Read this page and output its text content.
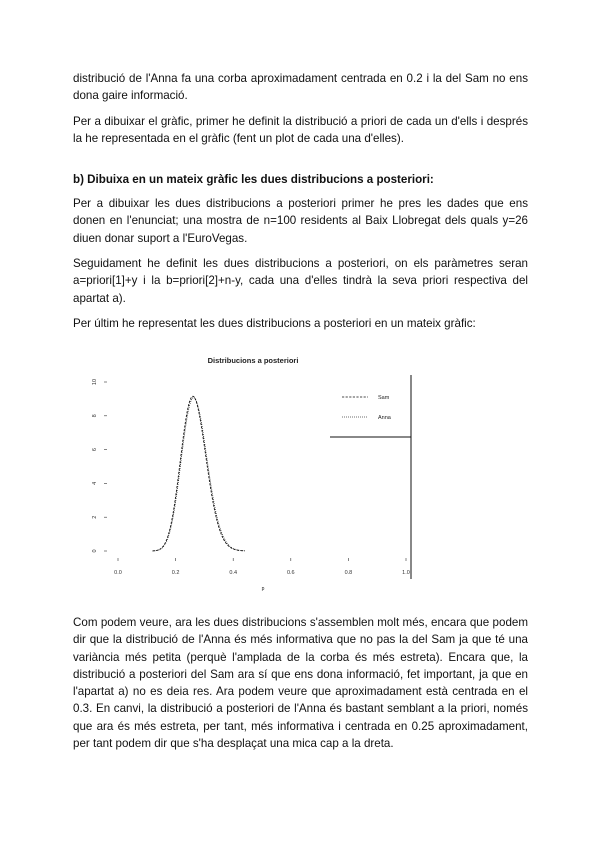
distribució de l'Anna fa una corba aproximadament centrada en 0.2 i la del Sam no ens dona gaire informació.

Per a dibuixar el gràfic, primer he definit la distribució a priori de cada un d'ells i després la he representada en el gràfic (fent un plot de cada una d'elles).

b) Dibuixa en un mateix gràfic les dues distribucions a posteriori:

Per a dibuixar les dues distribucions a posteriori primer he pres les dades que ens donen en l'enunciat; una mostra de n=100 residents al Baix Llobregat dels quals y=26 diuen donar suport a l'EuroVegas.

Seguidament he definit les dues distribucions a posteriori, on els paràmetres seran a=priori[1]+y i la b=priori[2]+n-y, cada una d'elles tindrà la seva priori respectiva del apartat a).

Per últim he representat les dues distribucions a posteriori en un mateix gràfic:

Distribucions a posteriori
0.0	0.2	0.4	0.6	0.8	1.0
0
2
4
6
8
10
Sam
Anna
p

Com podem veure, ara les dues distribucions s'assemblen molt més, encara que podem dir que la distribució de l'Anna és més informativa que no pas la del Sam ja que té una variància més petita (perquè l'amplada de la corba és més estreta). Encara que, la distribució a posteriori del Sam ara sí que ens dona informació, fet important, ja que en l'apartat a) no es deia res. Ara podem veure que aproximadament està centrada en el 0.3. En canvi, la distribució a posteriori de l'Anna és bastant semblant a la priori, només que ara és més estreta, per tant, més informativa i centrada en 0.25 aproximadament, per tant podem dir que s'ha desplaçat una mica cap a la dreta.
